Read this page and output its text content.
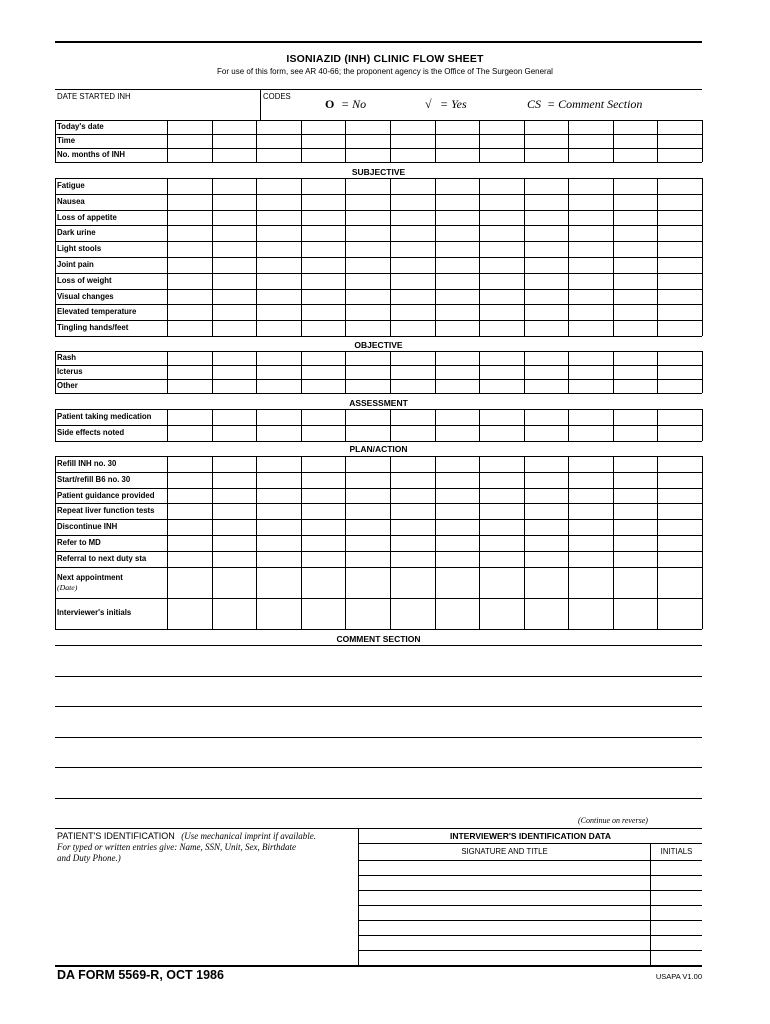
ISONIAZID (INH) CLINIC FLOW SHEET
For use of this form, see AR 40-66; the proponent agency is the Office of The Surgeon General
DATE STARTED INH	CODES
O = No	√ = Yes	CS = Comment Section
Today's date
Time
No. months of INH
SUBJECTIVE
Fatigue
Nausea
Loss of appetite
Dark urine
Light stools
Joint pain
Loss of weight
Visual changes
Elevated temperature
Tingling hands/feet
OBJECTIVE
Rash
Icterus
Other
ASSESSMENT
Patient taking medication
Side effects noted
PLAN/ACTION
Refill INH no. 30
Start/refill B6 no. 30
Patient guidance provided
Repeat liver function tests
Discontinue INH
Refer to MD
Referral to next duty sta
Next appointment
(Date)
Interviewer's initials
COMMENT SECTION
(Continue on reverse)
PATIENT'S IDENTIFICATION (Use mechanical imprint if available.
For typed or written entries give: Name, SSN, Unit, Sex, Birthdate
and Duty Phone.)
INTERVIEWER'S IDENTIFICATION DATA
SIGNATURE AND TITLE	INITIALS
DA FORM 5569-R, OCT 1986	USAPA V1.00
